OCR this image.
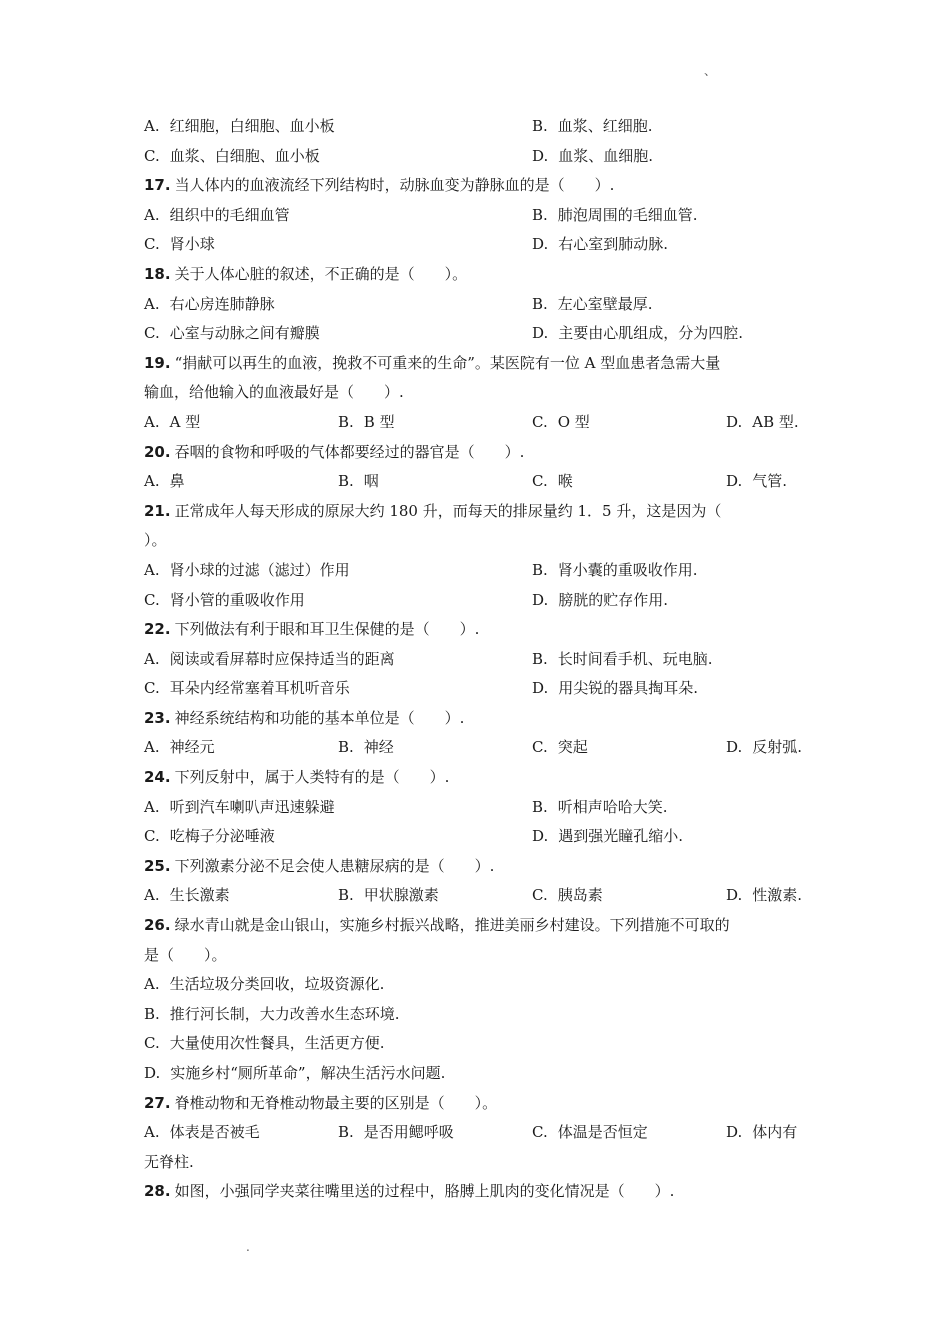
、
A. 红细胞，白细胞、血小板	B. 血浆、红细胞.
C. 血浆、白细胞、血小板	D. 血浆、血细胞.
17. 当人体内的血液流经下列结构时，动脉血变为静脉血的是（　　）.
A. 组织中的毛细血管	B. 肺泡周围的毛细血管.
C. 肾小球	D. 右心室到肺动脉.
18. 关于人体心脏的叙述，不正确的是（　　）。
A. 右心房连肺静脉	B. 左心室壁最厚.
C. 心室与动脉之间有瓣膜	D. 主要由心肌组成，分为四腔.
19. “捐献可以再生的血液，挽救不可重来的生命”。某医院有一位 A 型血患者急需大量
输血，给他输入的血液最好是（　　）.
A. A 型	B. B 型	C. O 型	D. AB 型.
20. 吞咽的食物和呼吸的气体都要经过的器官是（　　）.
A. 鼻	B. 咽	C. 喉	D. 气管.
21. 正常成年人每天形成的原尿大约 180 升，而每天的排尿量约 1．5 升，这是因为（
）。
A. 肾小球的过滤（滤过）作用	B. 肾小囊的重吸收作用.
C. 肾小管的重吸收作用	D. 膀胱的贮存作用.
22. 下列做法有利于眼和耳卫生保健的是（　　）.
A. 阅读或看屏幕时应保持适当的距离	B. 长时间看手机、玩电脑.
C. 耳朵内经常塞着耳机听音乐	D. 用尖锐的器具掏耳朵.
23. 神经系统结构和功能的基本单位是（　　）.
A. 神经元	B. 神经	C. 突起	D. 反射弧.
24. 下列反射中，属于人类特有的是（　　）.
A. 听到汽车喇叭声迅速躲避	B. 听相声哈哈大笑.
C. 吃梅子分泌唾液	D. 遇到强光瞳孔缩小.
25. 下列激素分泌不足会使人患糖尿病的是（　　）.
A. 生长激素	B. 甲状腺激素	C. 胰岛素	D. 性激素.
26. 绿水青山就是金山银山，实施乡村振兴战略，推进美丽乡村建设。下列措施不可取的
是（　　）。
A. 生活垃圾分类回收，垃圾资源化.
B. 推行河长制，大力改善水生态环境.
C. 大量使用次性餐具，生活更方便.
D. 实施乡村“厕所革命”，解决生活污水问题.
27. 脊椎动物和无脊椎动物最主要的区别是（　　）。
A. 体表是否被毛	B. 是否用鳃呼吸	C. 体温是否恒定	D. 体内有
无脊柱.
28. 如图，小强同学夹菜往嘴里送的过程中，胳膊上肌肉的变化情况是（　　）.
.
